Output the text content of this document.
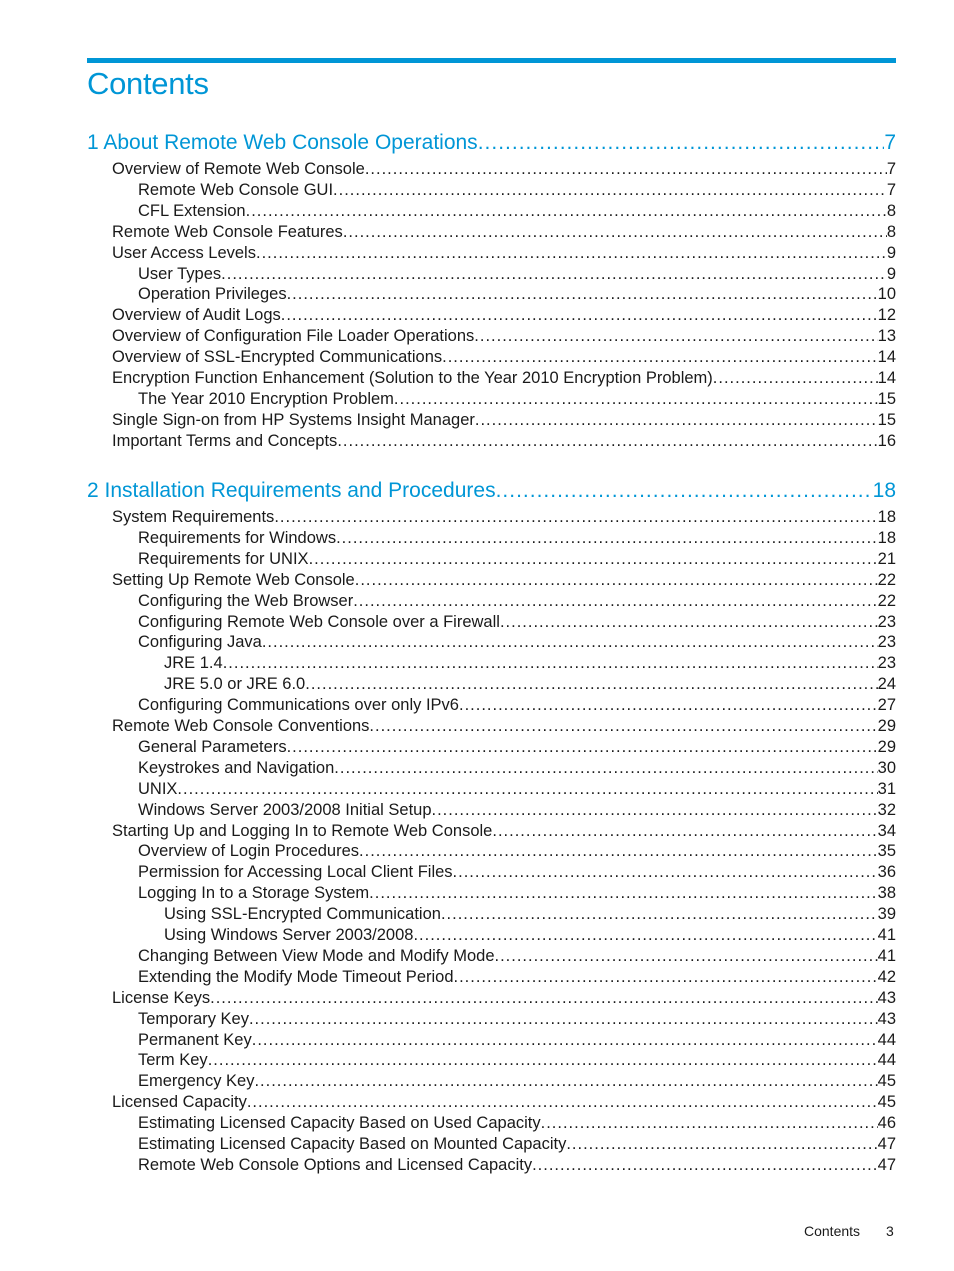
Contents
1 About Remote Web Console Operations .....	7
Overview of Remote Web Console .....	7
Remote Web Console GUI .....	7
CFL Extension .....	8
Remote Web Console Features .....	8
User Access Levels .....	9
User Types .....	9
Operation Privileges .....	10
Overview of Audit Logs .....	12
Overview of Configuration File Loader Operations .....	13
Overview of SSL-Encrypted Communications .....	14
Encryption Function Enhancement (Solution to the Year 2010 Encryption Problem) .....	14
The Year 2010 Encryption Problem .....	15
Single Sign-on from HP Systems Insight Manager .....	15
Important Terms and Concepts .....	16
2 Installation Requirements and Procedures .....	18
System Requirements .....	18
Requirements for Windows .....	18
Requirements for UNIX .....	21
Setting Up Remote Web Console .....	22
Configuring the Web Browser .....	22
Configuring Remote Web Console over a Firewall .....	23
Configuring Java .....	23
JRE 1.4 .....	23
JRE 5.0 or JRE 6.0 .....	24
Configuring Communications over only IPv6 .....	27
Remote Web Console Conventions .....	29
General Parameters .....	29
Keystrokes and Navigation .....	30
UNIX .....	31
Windows Server 2003/2008 Initial Setup .....	32
Starting Up and Logging In to Remote Web Console .....	34
Overview of Login Procedures .....	35
Permission for Accessing Local Client Files .....	36
Logging In to a Storage System .....	38
Using SSL-Encrypted Communication .....	39
Using Windows Server 2003/2008 .....	41
Changing Between View Mode and Modify Mode .....	41
Extending the Modify Mode Timeout Period .....	42
License Keys .....	43
Temporary Key .....	43
Permanent Key .....	44
Term Key .....	44
Emergency Key .....	45
Licensed Capacity .....	45
Estimating Licensed Capacity Based on Used Capacity .....	46
Estimating Licensed Capacity Based on Mounted Capacity .....	47
Remote Web Console Options and Licensed Capacity .....	47
Contents 3
